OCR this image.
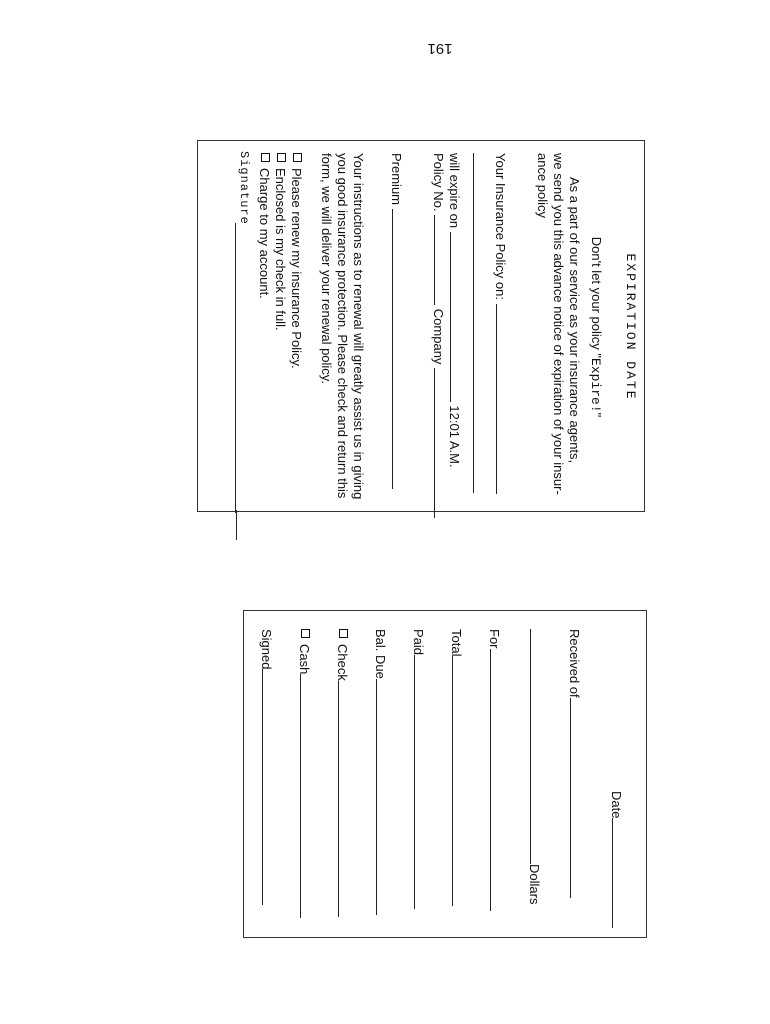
191
EXPIRATION DATE
Don't let your policy "Expire!"
As a part of our service as your insurance agents,
we send you this advance notice of expiration of your insur-
ance policy
Your Insurance Policy on:
will expire on  12:01 A.M.
Policy No.  Company
Premium
Your instructions as to renewal will greatly assist us in giving
you good insurance protection. Please check and return this
form, we will deliver your renewal policy.
Please renew my insurance Policy.
Enclosed is my check in full.
Charge to my account.
Signature
Date
Received of
Dollars
For
Total
Paid
Bal. Due
Check
Cash
Signed
